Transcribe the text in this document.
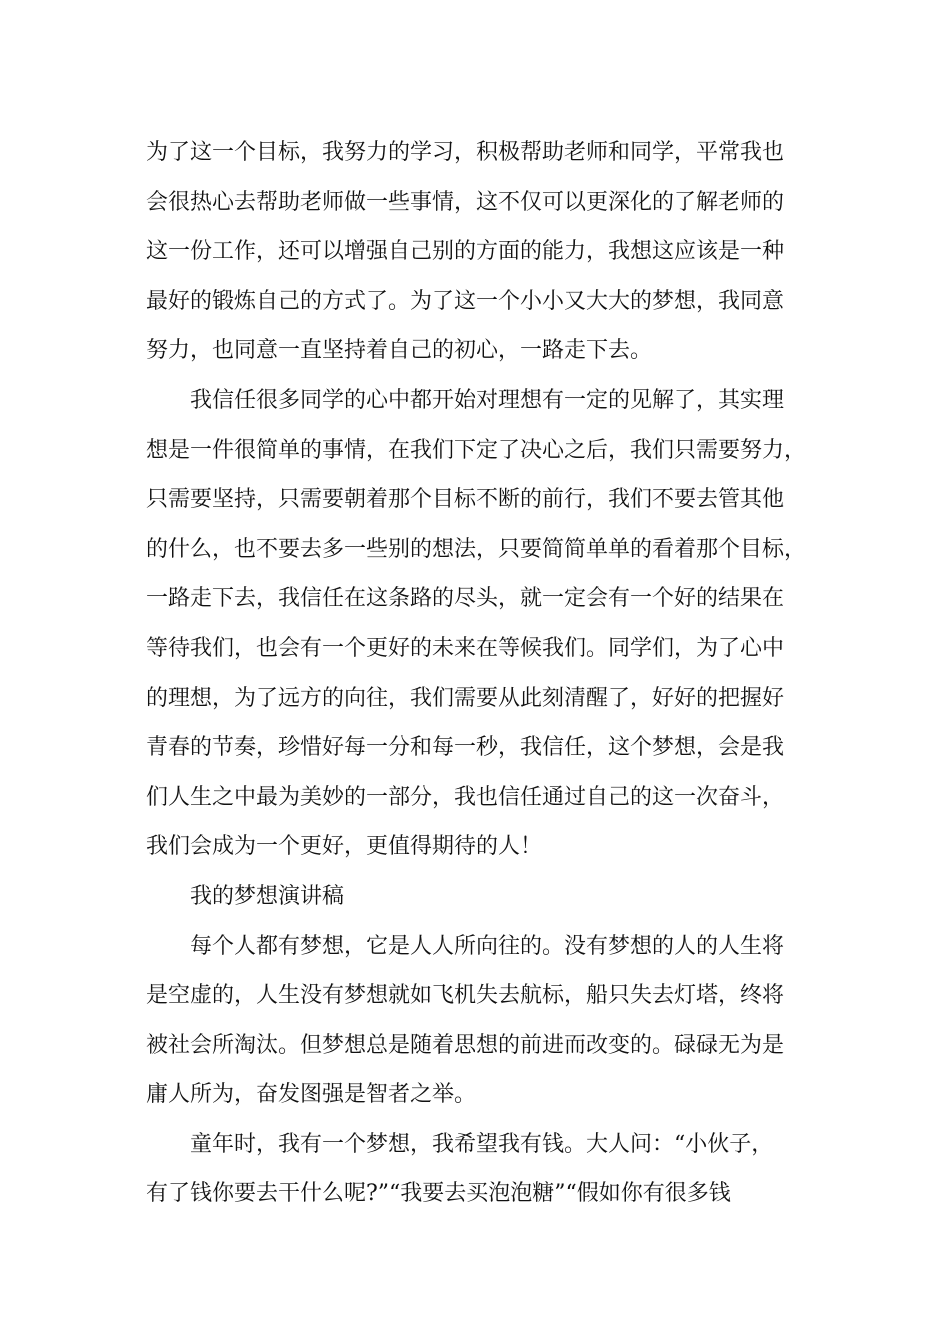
为了这一个目标，我努力的学习，积极帮助老师和同学，平常我也
会很热心去帮助老师做一些事情，这不仅可以更深化的了解老师的
这一份工作，还可以增强自己别的方面的能力，我想这应该是一种
最好的锻炼自己的方式了。为了这一个小小又大大的梦想，我同意
努力，也同意一直坚持着自己的初心，一路走下去。
我信任很多同学的心中都开始对理想有一定的见解了，其实理
想是一件很简单的事情，在我们下定了决心之后，我们只需要努力，
只需要坚持，只需要朝着那个目标不断的前行，我们不要去管其他
的什么，也不要去多一些别的想法，只要简简单单的看着那个目标，
一路走下去，我信任在这条路的尽头，就一定会有一个好的结果在
等待我们，也会有一个更好的未来在等候我们。同学们，为了心中
的理想，为了远方的向往，我们需要从此刻清醒了，好好的把握好
青春的节奏，珍惜好每一分和每一秒，我信任，这个梦想，会是我
们人生之中最为美妙的一部分，我也信任通过自己的这一次奋斗，
我们会成为一个更好，更值得期待的人！
我的梦想演讲稿
每个人都有梦想，它是人人所向往的。没有梦想的人的人生将
是空虚的，人生没有梦想就如飞机失去航标，船只失去灯塔，终将
被社会所淘汰。但梦想总是随着思想的前进而改变的。碌碌无为是
庸人所为，奋发图强是智者之举。
童年时，我有一个梦想，我希望我有钱。大人问：“小伙子，
有了钱你要去干什么呢?”“我要去买泡泡糖”“假如你有很多钱
